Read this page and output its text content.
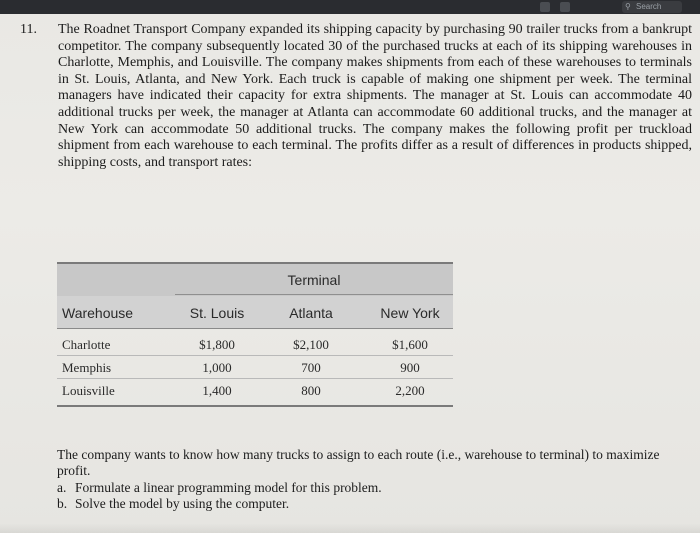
⚲ Search
11. The Roadnet Transport Company expanded its shipping capacity by purchasing 90 trailer trucks from a bankrupt competitor. The company subsequently located 30 of the purchased trucks at each of its shipping warehouses in Charlotte, Memphis, and Louisville. The company makes shipments from each of these warehouses to terminals in St. Louis, Atlanta, and New York. Each truck is capable of making one shipment per week. The terminal managers have indicated their capacity for extra shipments. The manager at St. Louis can accommodate 40 additional trucks per week, the manager at Atlanta can accommodate 60 additional trucks, and the manager at New York can accommodate 50 additional trucks. The company makes the following profit per truckload shipment from each warehouse to each terminal. The profits differ as a result of differences in products shipped, shipping costs, and transport rates:
Terminal
Warehouse	St. Louis	Atlanta	New York
Charlotte	$1,800	$2,100	$1,600
Memphis	1,000	700	900
Louisville	1,400	800	2,200
The company wants to know how many trucks to assign to each route (i.e., warehouse to terminal) to maximize profit.
a. Formulate a linear programming model for this problem.
b. Solve the model by using the computer.
